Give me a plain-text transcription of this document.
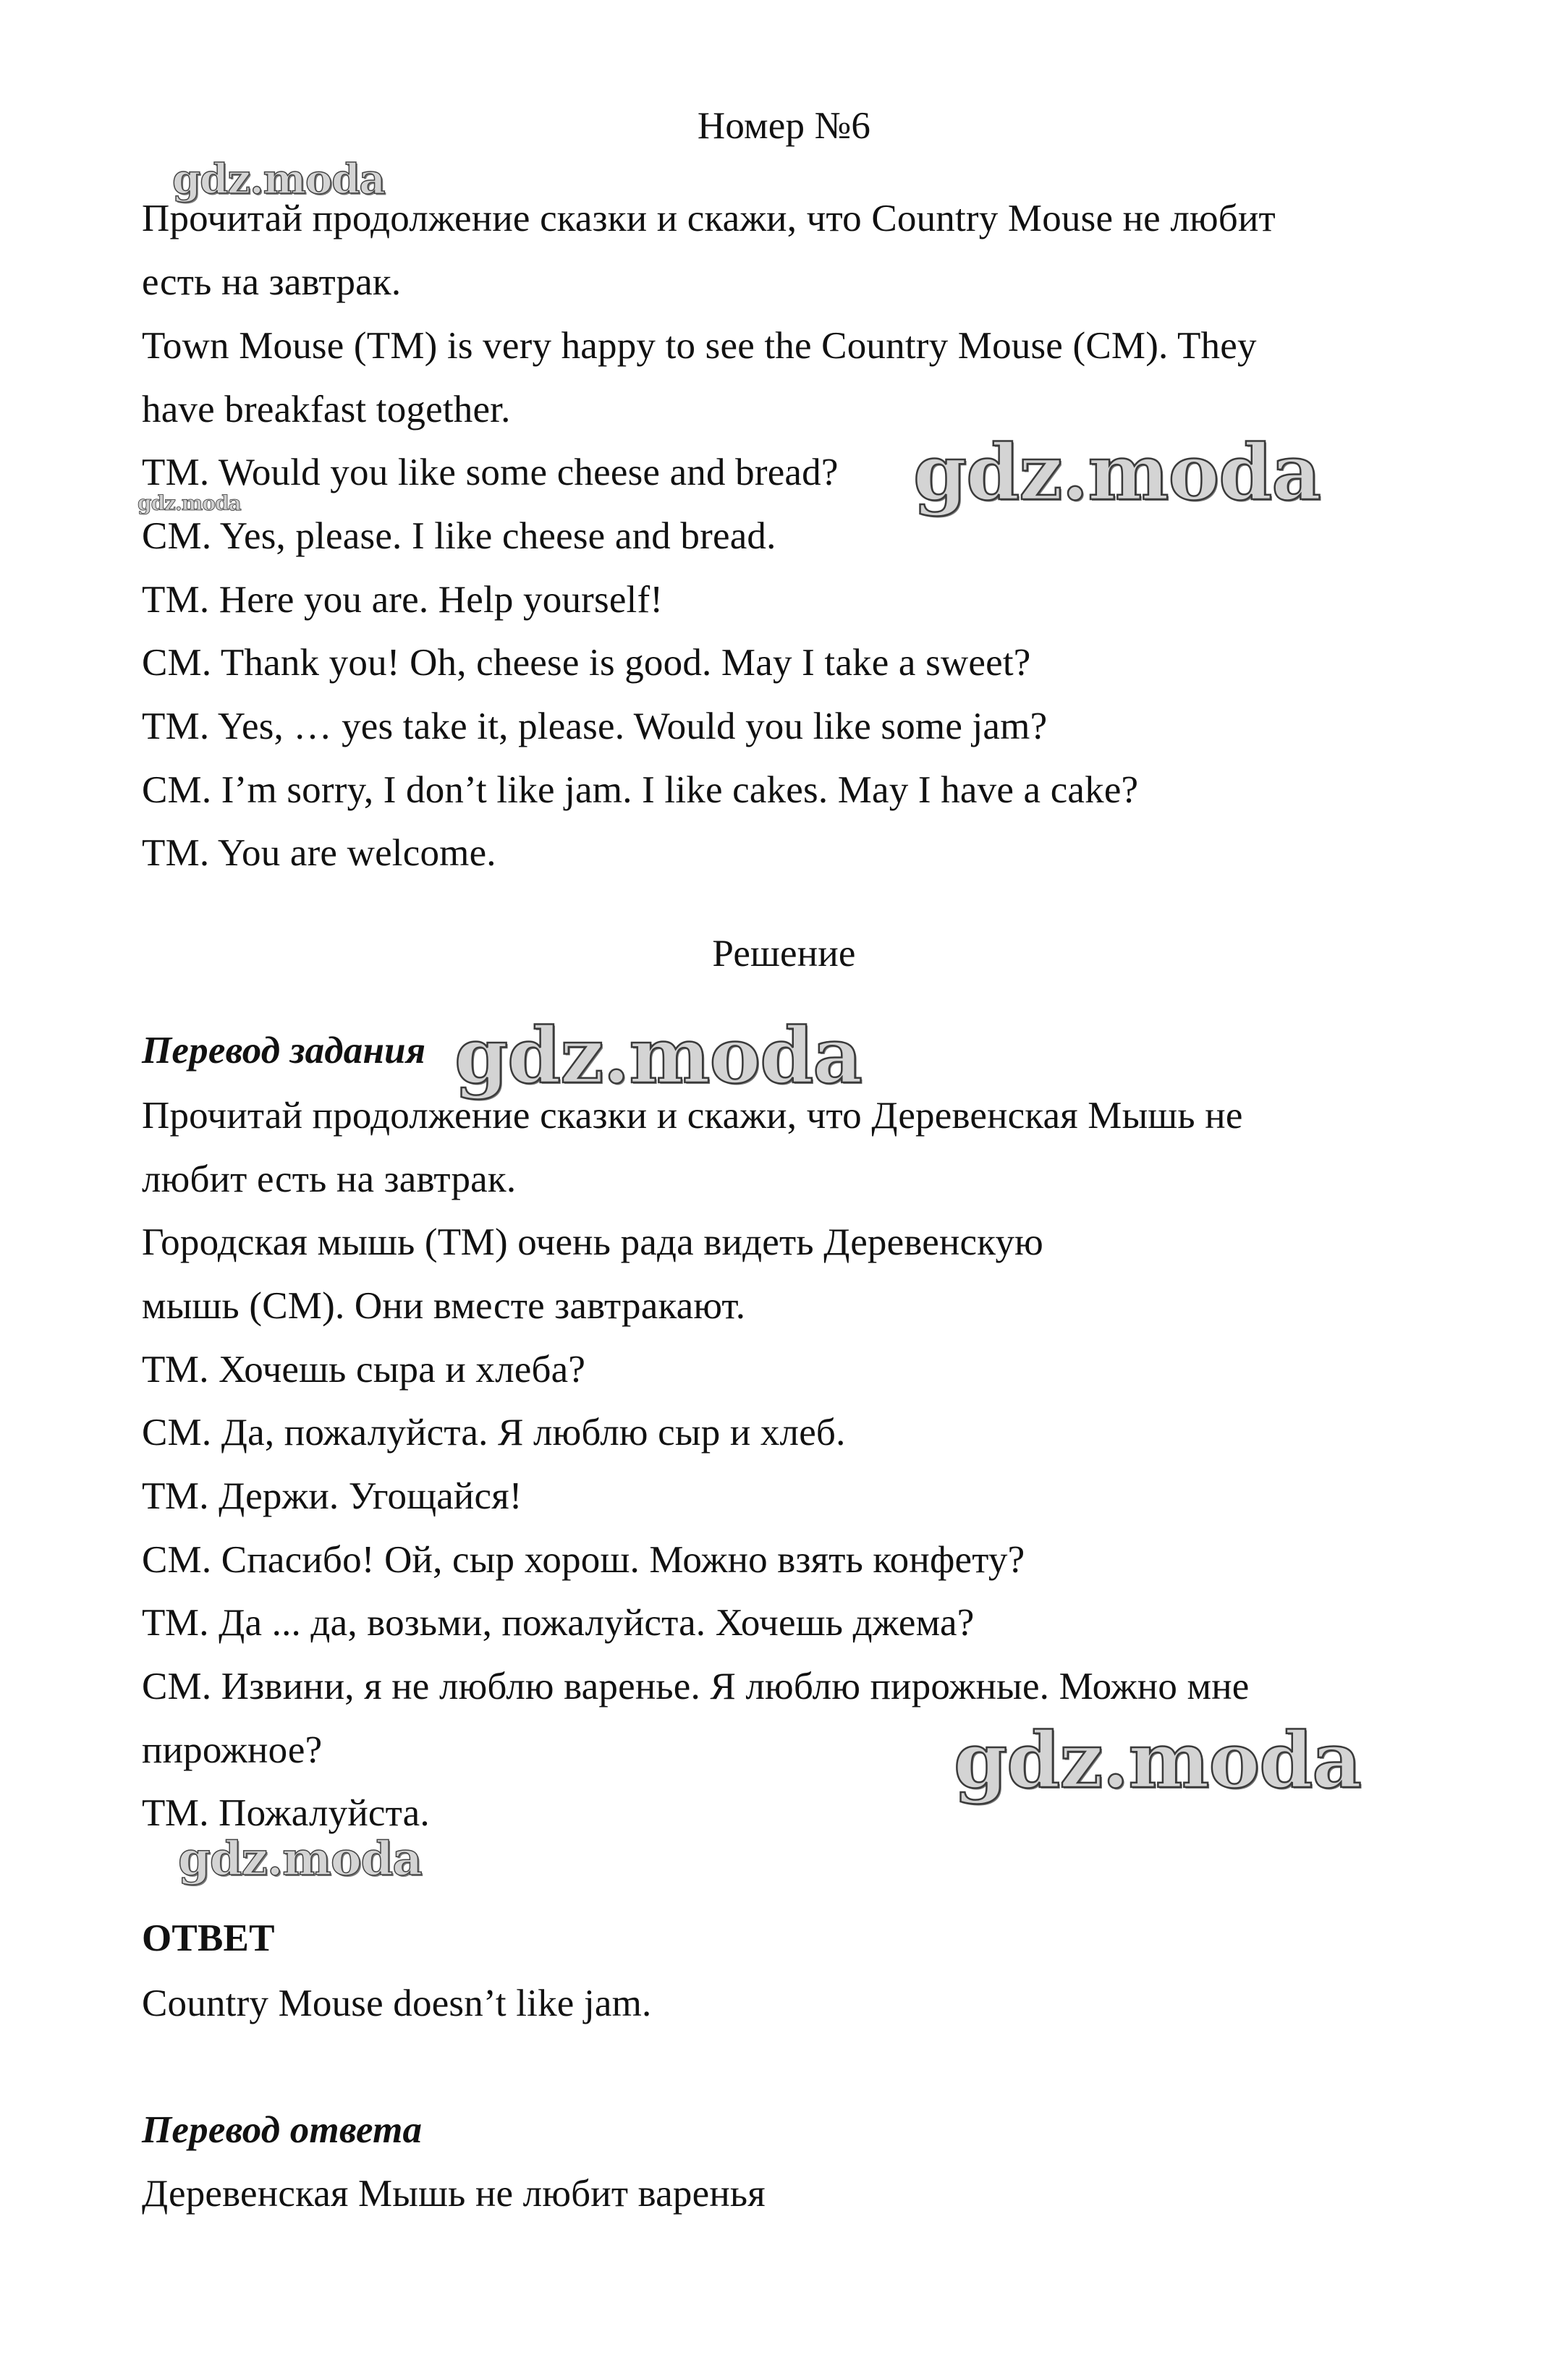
Номер №6
Прочитай продолжение сказки и скажи, что Country Mouse не любит
есть на завтрак.
Town Mouse (TM) is very happy to see the Country Mouse (CM). They
have breakfast together.
TM. Would you like some cheese and bread?
CM. Yes, please. I like cheese and bread.
TM. Here you are. Help yourself!
CM. Thank you! Oh, cheese is good. May I take a sweet?
TM. Yes, … yes take it, please. Would you like some jam?
CM. I’m sorry, I don’t like jam. I like cakes. May I have a cake?
TM. You are welcome.
Решение
Перевод задания
Прочитай продолжение сказки и скажи, что Деревенская Мышь не
любит есть на завтрак.
Городская мышь (ТМ) очень рада видеть Деревенскую
мышь (СМ). Они вместе завтракают.
ТМ. Хочешь сыра и хлеба?
СМ. Да, пожалуйста. Я люблю сыр и хлеб.
ТМ. Держи. Угощайся!
СМ. Спасибо! Ой, сыр хорош. Можно взять конфету?
ТМ. Да ... да, возьми, пожалуйста. Хочешь джема?
СМ. Извини, я не люблю варенье. Я люблю пирожные. Можно мне
пирожное?
ТМ. Пожалуйста.
ОТВЕТ
Country Mouse doesn’t like jam.
Перевод ответа
Деревенская Мышь не любит варенья
gdz.moda
gdz.moda
gdz.moda
gdz.moda
gdz.moda
gdz.moda
